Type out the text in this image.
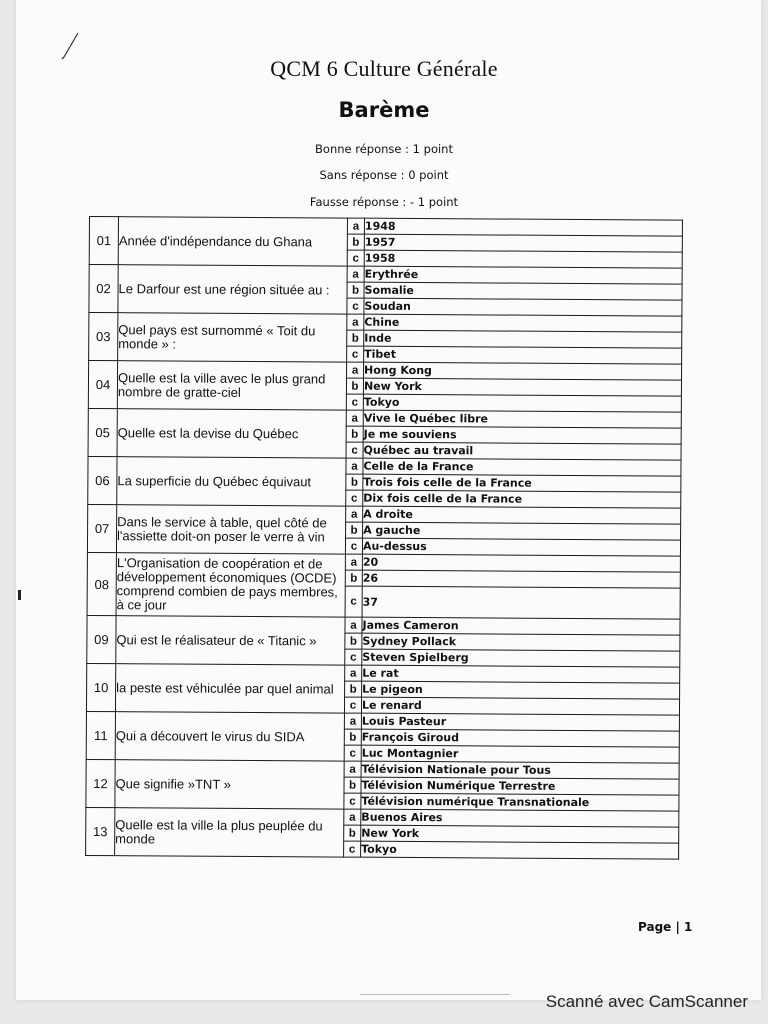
QCM 6 Culture Générale
Barème
Bonne réponse : 1 point
Sans réponse : 0 point
Fausse réponse : - 1 point
01	Année d'indépendance du Ghana	a	1948
		b	1957
		c	1958
02	Le Darfour est une région située au :	a	Erythrée
		b	Somalie
		c	Soudan
03	Quel pays est surnommé « Toit du monde » :	a	Chine
		b	Inde
		c	Tibet
04	Quelle est la ville avec le plus grand nombre de gratte-ciel	a	Hong Kong
		b	New York
		c	Tokyo
05	Quelle est la devise du Québec	a	Vive le Québec libre
		b	Je me souviens
		c	Québec au travail
06	La superficie du Québec équivaut	a	Celle de la France
		b	Trois fois celle de la France
		c	Dix fois celle de la France
07	Dans le service à table, quel côté de l'assiette doit-on poser le verre à vin	a	A droite
		b	A gauche
		c	Au-dessus
08	L'Organisation de coopération et de développement économiques (OCDE) comprend combien de pays membres, à ce jour	a	20
		b	26
		c	37
09	Qui est le réalisateur de « Titanic »	a	James Cameron
		b	Sydney Pollack
		c	Steven Spielberg
10	la peste est véhiculée par quel animal	a	Le rat
		b	Le pigeon
		c	Le renard
11	Qui a découvert le virus du SIDA	a	Louis Pasteur
		b	François Giroud
		c	Luc Montagnier
12	Que signifie »TNT »	a	Télévision Nationale pour Tous
		b	Télévision Numérique Terrestre
		c	Télévision numérique Transnationale
13	Quelle est la ville la plus peuplée du monde	a	Buenos Aires
		b	New York
		c	Tokyo
Page | 1
Scanné avec CamScanner
